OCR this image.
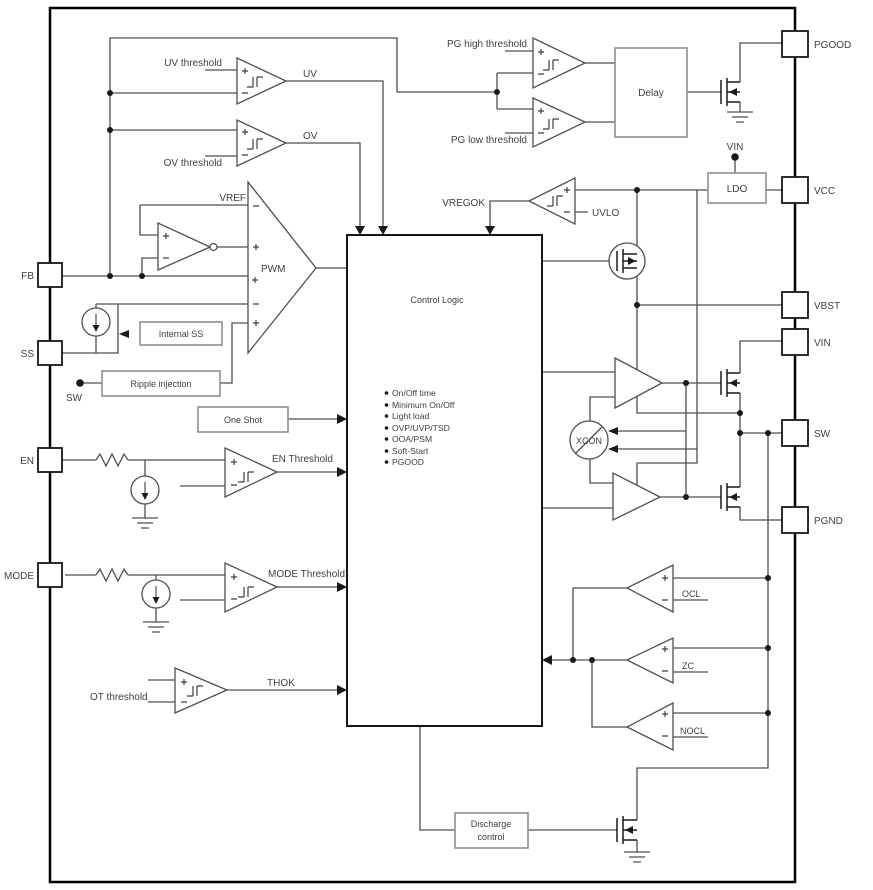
Internal SS
Ripple injection
One Shot
Delay
LDO
Discharge
control
Control Logic
On/Off time
Minimum On/Off
Light load
OVP/UVP/TSD
OOA/PSM
Soft-Start
PGOOD
XCON
FB
SS
EN
MODE
PGOOD
VCC
VBST
VIN
SW
PGND
UV threshold
UV
OV threshold
OV
VREF
PWM
SW
PG high threshold
PG low threshold
VIN
VREGOK
UVLO
EN Threshold
MODE Threshold
OT threshold
THOK
OCL
ZC
NOCL
